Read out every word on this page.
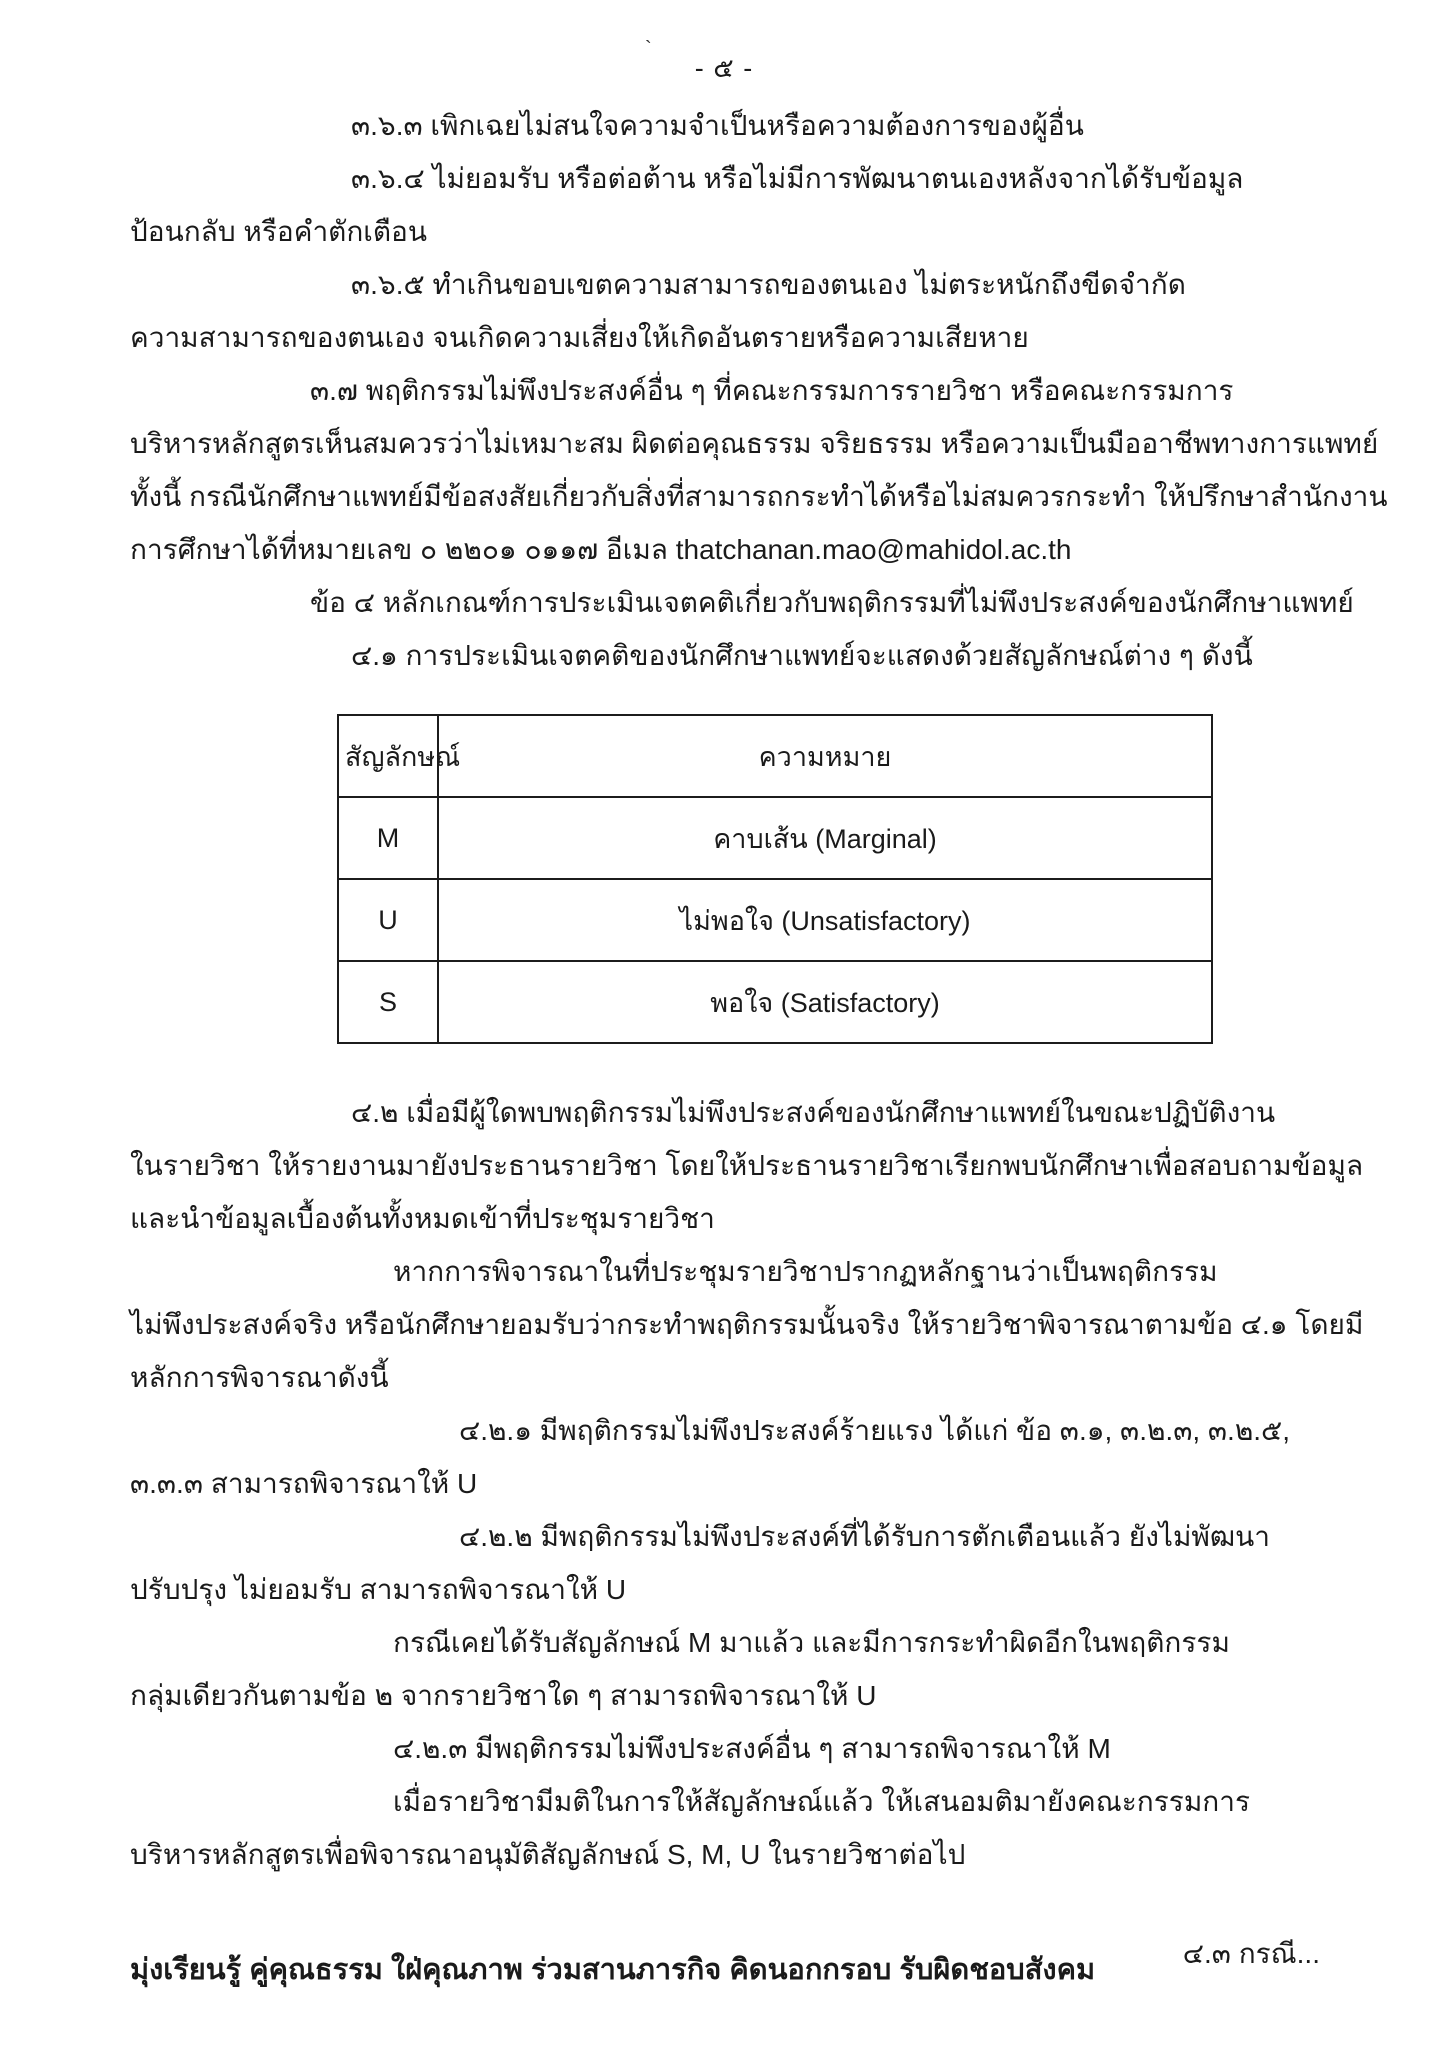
`
- ๕ -
๓.๖.๓ เพิกเฉยไม่สนใจความจำเป็นหรือความต้องการของผู้อื่น
๓.๖.๔ ไม่ยอมรับ หรือต่อต้าน หรือไม่มีการพัฒนาตนเองหลังจากได้รับข้อมูล
ป้อนกลับ หรือคำตักเตือน
๓.๖.๕ ทำเกินขอบเขตความสามารถของตนเอง ไม่ตระหนักถึงขีดจำกัด
ความสามารถของตนเอง จนเกิดความเสี่ยงให้เกิดอันตรายหรือความเสียหาย
๓.๗ พฤติกรรมไม่พึงประสงค์อื่น ๆ ที่คณะกรรมการรายวิชา หรือคณะกรรมการ
บริหารหลักสูตรเห็นสมควรว่าไม่เหมาะสม ผิดต่อคุณธรรม จริยธรรม หรือความเป็นมืออาชีพทางการแพทย์
ทั้งนี้ กรณีนักศึกษาแพทย์มีข้อสงสัยเกี่ยวกับสิ่งที่สามารถกระทำได้หรือไม่สมควรกระทำ ให้ปรึกษาสำนักงาน
การศึกษาได้ที่หมายเลข ๐ ๒๒๐๑ ๐๑๑๗ อีเมล thatchanan.mao@mahidol.ac.th
ข้อ ๔ หลักเกณฑ์การประเมินเจตคติเกี่ยวกับพฤติกรรมที่ไม่พึงประสงค์ของนักศึกษาแพทย์
๔.๑ การประเมินเจตคติของนักศึกษาแพทย์จะแสดงด้วยสัญลักษณ์ต่าง ๆ ดังนี้
สัญลักษณ์	ความหมาย
M	คาบเส้น (Marginal)
U	ไม่พอใจ (Unsatisfactory)
S	พอใจ (Satisfactory)
๔.๒ เมื่อมีผู้ใดพบพฤติกรรมไม่พึงประสงค์ของนักศึกษาแพทย์ในขณะปฏิบัติงาน
ในรายวิชา ให้รายงานมายังประธานรายวิชา โดยให้ประธานรายวิชาเรียกพบนักศึกษาเพื่อสอบถามข้อมูล
และนำข้อมูลเบื้องต้นทั้งหมดเข้าที่ประชุมรายวิชา
หากการพิจารณาในที่ประชุมรายวิชาปรากฏหลักฐานว่าเป็นพฤติกรรม
ไม่พึงประสงค์จริง หรือนักศึกษายอมรับว่ากระทำพฤติกรรมนั้นจริง ให้รายวิชาพิจารณาตามข้อ ๔.๑ โดยมี
หลักการพิจารณาดังนี้
๔.๒.๑ มีพฤติกรรมไม่พึงประสงค์ร้ายแรง ได้แก่ ข้อ ๓.๑, ๓.๒.๓, ๓.๒.๕,
๓.๓.๓ สามารถพิจารณาให้ U
๔.๒.๒ มีพฤติกรรมไม่พึงประสงค์ที่ได้รับการตักเตือนแล้ว ยังไม่พัฒนา
ปรับปรุง ไม่ยอมรับ สามารถพิจารณาให้ U
กรณีเคยได้รับสัญลักษณ์ M มาแล้ว และมีการกระทำผิดอีกในพฤติกรรม
กลุ่มเดียวกันตามข้อ ๒ จากรายวิชาใด ๆ สามารถพิจารณาให้ U
๔.๒.๓ มีพฤติกรรมไม่พึงประสงค์อื่น ๆ สามารถพิจารณาให้ M
เมื่อรายวิชามีมติในการให้สัญลักษณ์แล้ว ให้เสนอมติมายังคณะกรรมการ
บริหารหลักสูตรเพื่อพิจารณาอนุมัติสัญลักษณ์ S, M, U ในรายวิชาต่อไป
๔.๓ กรณี...
มุ่งเรียนรู้ คู่คุณธรรม ใฝ่คุณภาพ ร่วมสานภารกิจ คิดนอกกรอบ รับผิดชอบสังคม
